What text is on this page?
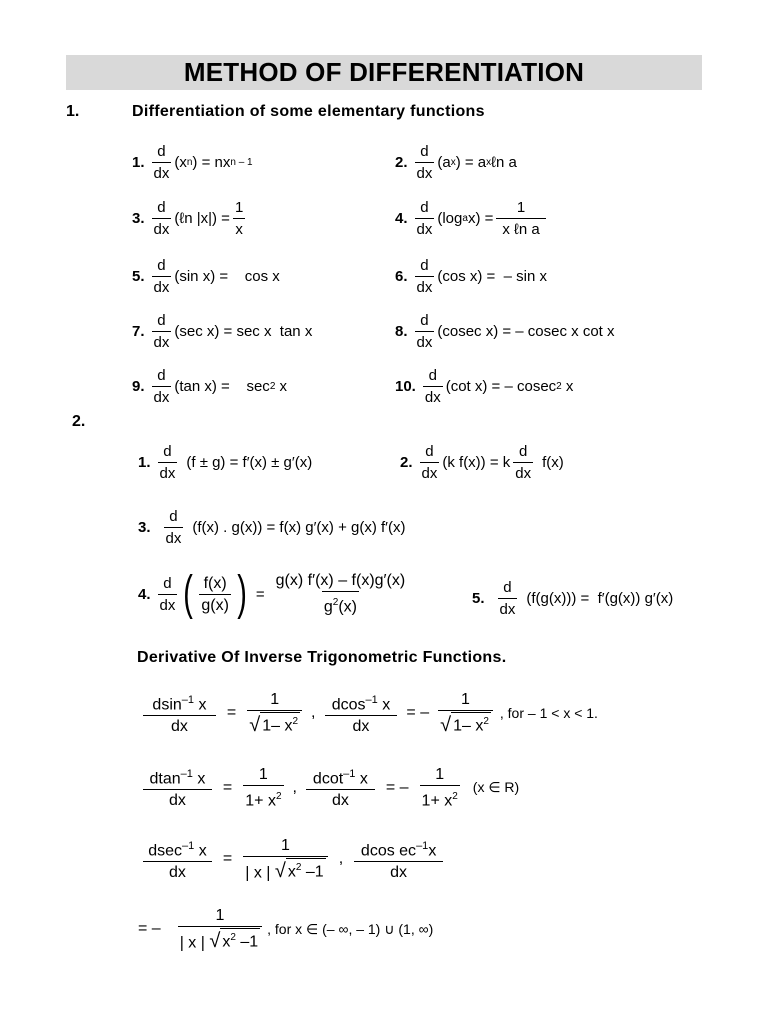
METHOD OF DIFFERENTIATION
1.	Differentiation of some elementary functions
1. $\frac{d}{dx} (x$ n ) = nx n – 1	2. $\frac{d}{dx} (a$ x ) = a x ℓn a
3. $\frac{d}{dx}$ (ℓn $|x|) = \frac{1}{x}$	4. $\frac{d}{dx} (\log$ a $x) = \frac{1}{\text{x ℓn a}}$
5. $\frac{d}{dx} (\sin$ x) =    cos x	6. $\frac{d}{dx} (\cos$ x) =  – sin x
7. $\frac{d}{dx} (\sec$ x) = sec x  tan x	8. $\frac{d}{dx} (cosec$ x) = – cosec x cot x
9. $\frac{d}{dx} (\tan$ x) =    sec 2 x	10. $\frac{d}{dx} (\cot$ x) = – cosec 2 x
2.
1. $\frac{d}{dx} (f \pm g) = f'(x) \pm g'(x)$	2. $\frac{d}{dx} (k$ f(x)) = k $\frac{d}{dx} f(x)$
3. $\frac{d}{dx} (f(x)$ . g(x)) = f(x) g′(x) + g(x) f′(x)
4. $\frac{d}{dx}$ ( $\frac{f(x)}{g(x)}$ ) = $\frac{g(x) f'(x) - f(x)g'(x)}{g^2(x)}$	5. $\frac{d}{dx} (f(g(x))) = f'(g(x))$ g′(x)
Derivative Of Inverse Trigonometric Functions.
$\frac{dsin^{-1} x}{dx} = \frac{1}{√ 1- x^2}$ , $\frac{dcos^{-1} x}{dx}$ = – $\frac{1}{√ 1- x^2}$ , for – 1 < x < 1.
$\frac{dtan^{-1} x}{dx} = \frac{1}{1+ x^2}$ , $\frac{dcot^{-1} x}{dx}$ = – $\frac{1}{1+ x^2} (x$ ∈ R)
$\frac{dsec^{-1} x}{dx} = \frac{1}{| x | √ x^2 -1}$ , $\frac{dcos ec^{-1}x}{dx}$
= – $\frac{1}{| x | √ x^2 -1}$ , for x ∈ (– ∞, – 1) ∪ (1, ∞)
